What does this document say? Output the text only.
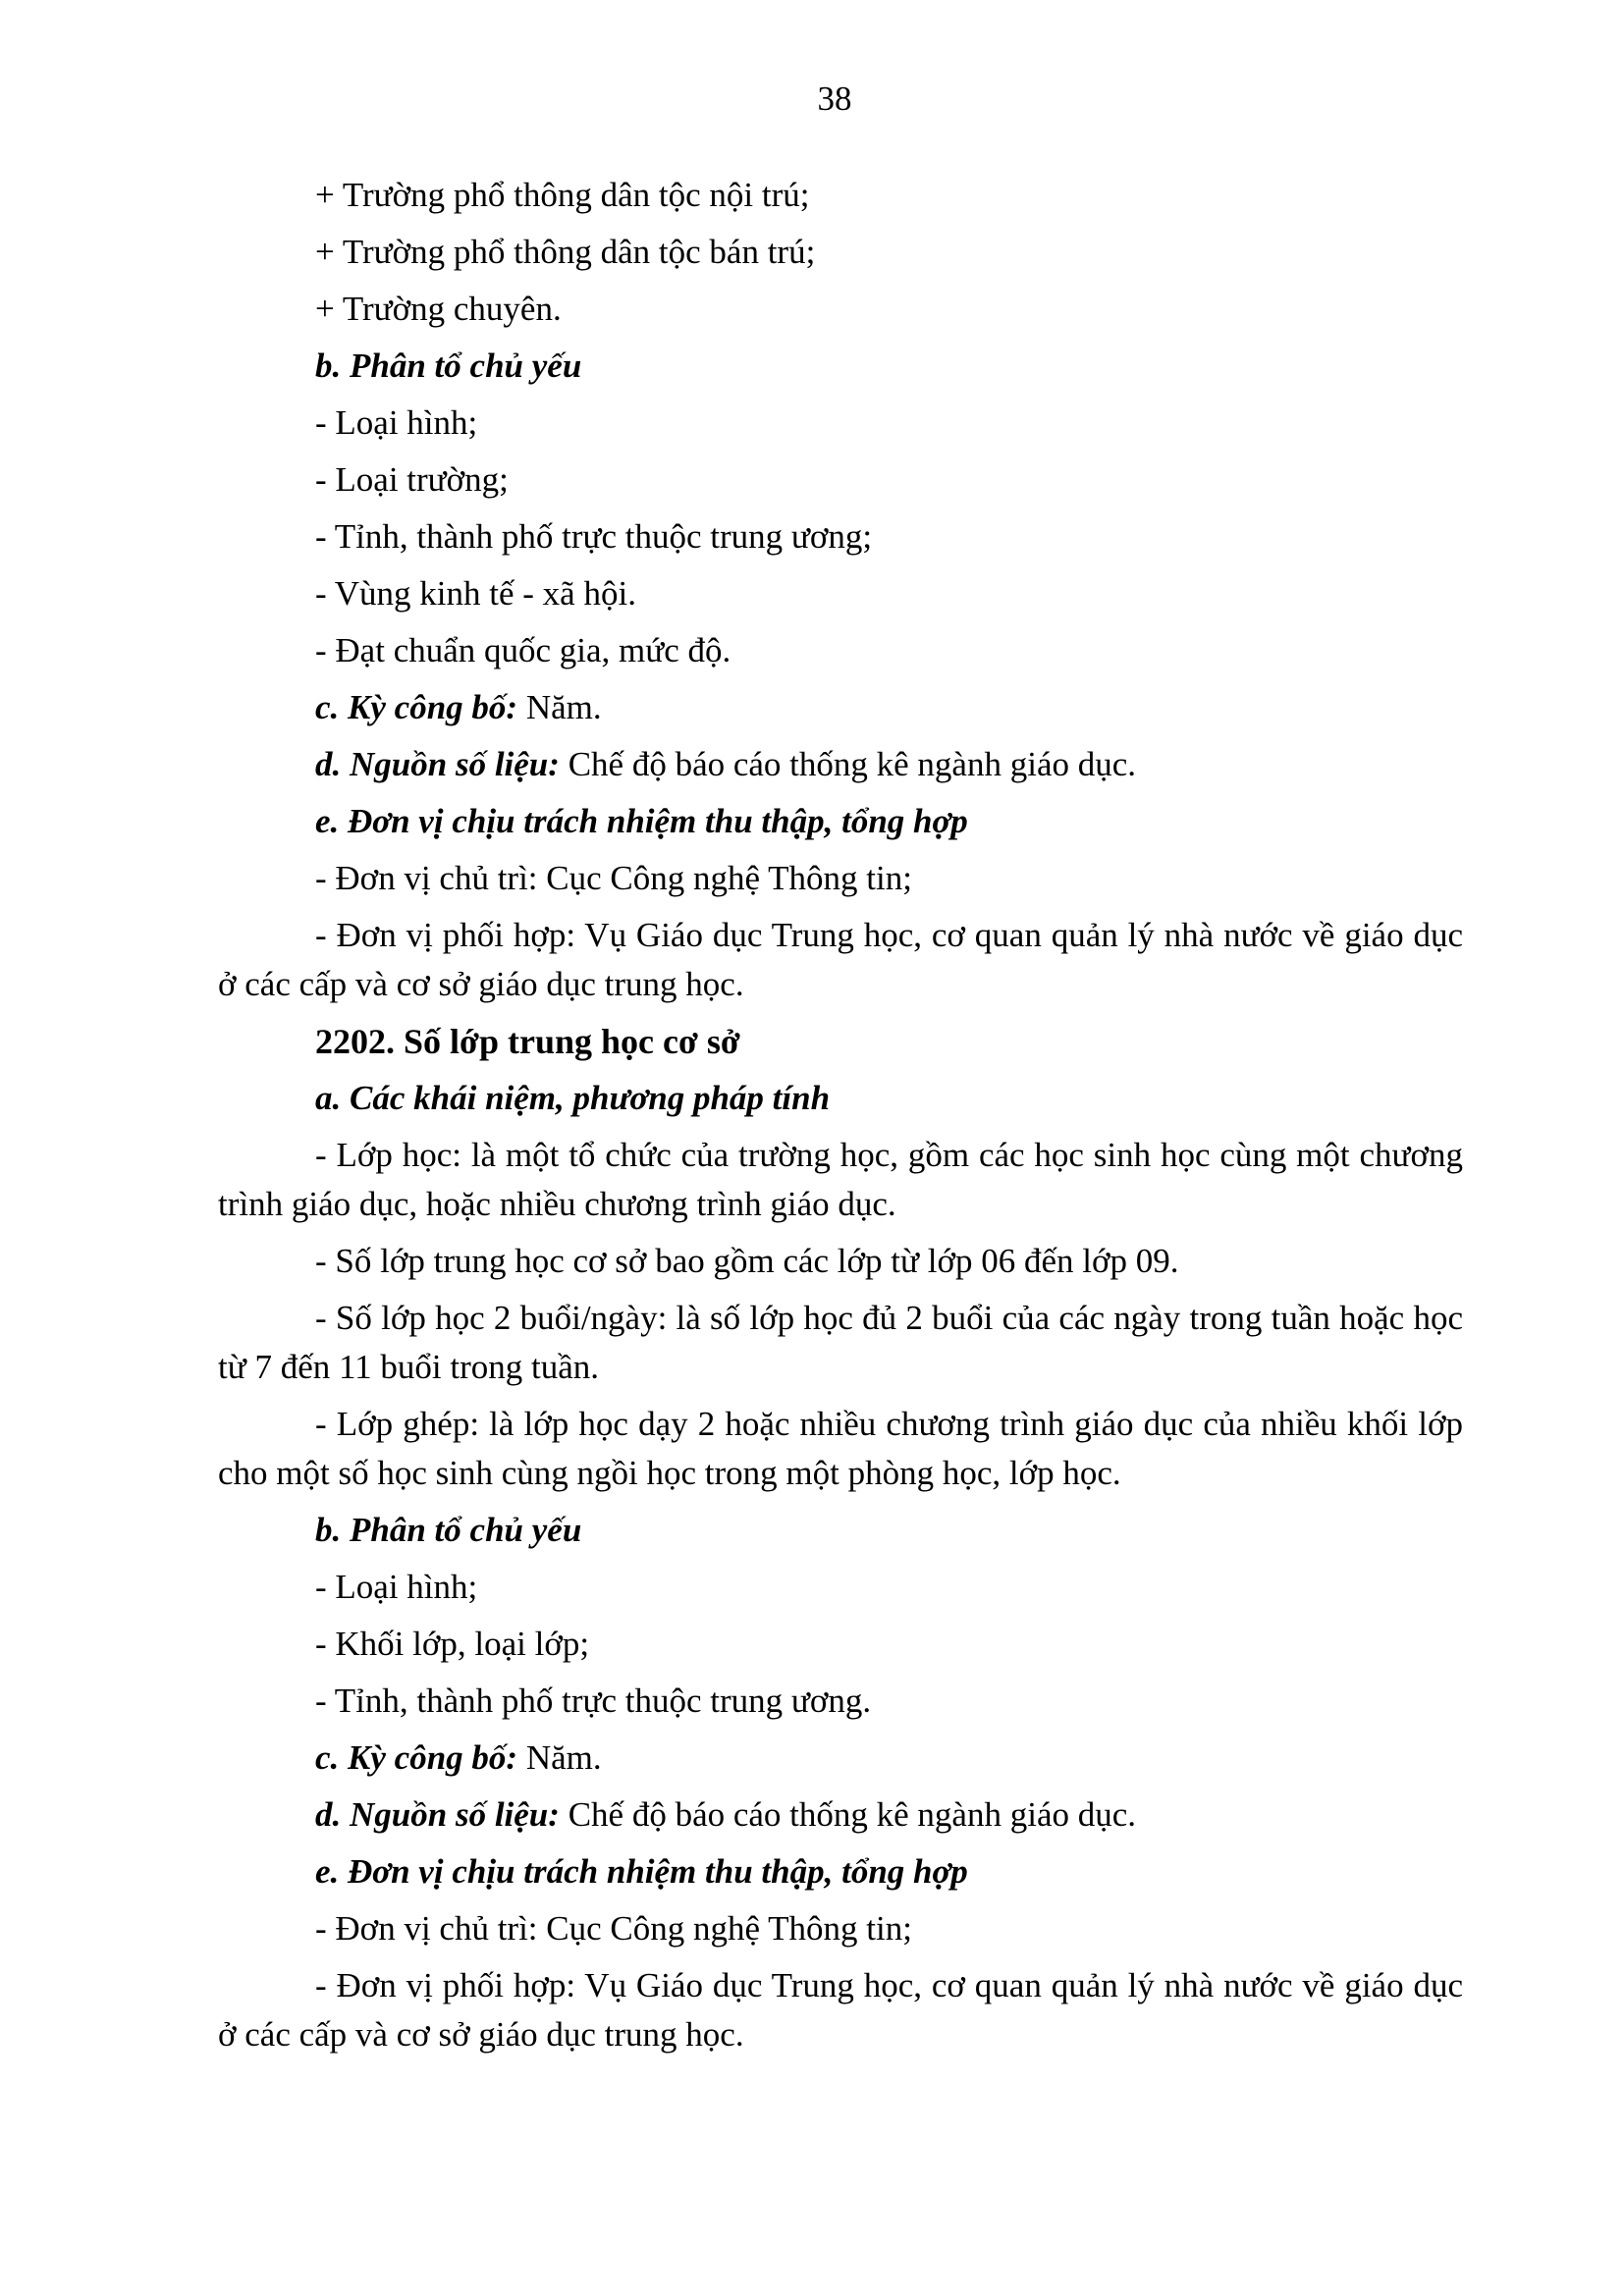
38

+ Trường phổ thông dân tộc nội trú;

+ Trường phổ thông dân tộc bán trú;

+ Trường chuyên.

b. Phân tổ chủ yếu

- Loại hình;

- Loại trường;

- Tỉnh, thành phố trực thuộc trung ương;

- Vùng kinh tế - xã hội.

- Đạt chuẩn quốc gia, mức độ.

c. Kỳ công bố: Năm.

d. Nguồn số liệu: Chế độ báo cáo thống kê ngành giáo dục.

e. Đơn vị chịu trách nhiệm thu thập, tổng hợp

- Đơn vị chủ trì: Cục Công nghệ Thông tin;

- Đơn vị phối hợp: Vụ Giáo dục Trung học, cơ quan quản lý nhà nước về giáo dục ở các cấp và cơ sở giáo dục trung học.

2202. Số lớp trung học cơ sở

a. Các khái niệm, phương pháp tính

- Lớp học: là một tổ chức của trường học, gồm các học sinh học cùng một chương trình giáo dục, hoặc nhiều chương trình giáo dục.

- Số lớp trung học cơ sở bao gồm các lớp từ lớp 06 đến lớp 09.

- Số lớp học 2 buổi/ngày: là số lớp học đủ 2 buổi của các ngày trong tuần hoặc học từ 7 đến 11 buổi trong tuần.

- Lớp ghép: là lớp học dạy 2 hoặc nhiều chương trình giáo dục của nhiều khối lớp cho một số học sinh cùng ngồi học trong một phòng học, lớp học.

b. Phân tổ chủ yếu

- Loại hình;

- Khối lớp, loại lớp;

- Tỉnh, thành phố trực thuộc trung ương.

c. Kỳ công bố: Năm.

d. Nguồn số liệu: Chế độ báo cáo thống kê ngành giáo dục.

e. Đơn vị chịu trách nhiệm thu thập, tổng hợp

- Đơn vị chủ trì: Cục Công nghệ Thông tin;

- Đơn vị phối hợp: Vụ Giáo dục Trung học, cơ quan quản lý nhà nước về giáo dục ở các cấp và cơ sở giáo dục trung học.
